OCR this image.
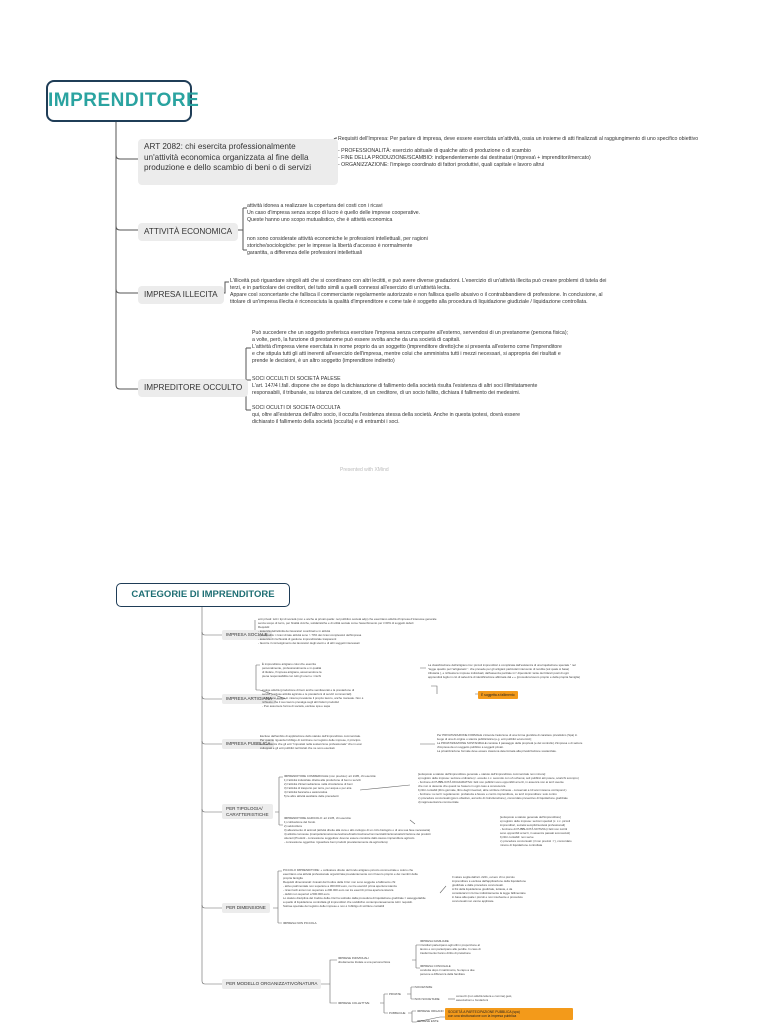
IMPRENDITORE
ART 2082: chi esercita professionalmente un'attività economica organizzata al fine della produzione e dello scambio di beni o di servizi

Requisiti dell'Impresa: Per parlare di impresa, deve essere esercitata un'attività, ossia un insieme di atti finalizzati al raggiungimento di uno specifico obiettivo

- PROFESSIONALITÀ: esercizio abituale di qualche atto di produzione o di scambio

- FINE DELLA PRODUZIONE/SCAMBIO: indipendentemente dai destinatari (impresa\ + imprenditori/mercato)

- ORGANIZZAZIONE: l'impiego coordinato di fattori produttivi, quali capitale e lavoro altrui

ATTIVITÀ ECONOMICA

attività idonea a realizzare la copertura dei costi con i ricavi

Un caso d'impresa senza scopo di lucro è quello delle imprese cooperative.

Queste hanno uno scopo mutualistico, che è attività economica

non sono considerate attività economiche le professioni intellettuali, per ragioni

storiche/sociologiche: per le imprese la libertà d'accesso è normalmente

garantita, a differenza delle professioni intellettuali

IMPRESA ILLECITA

L'illiceità può riguardare singoli atti che si coordinano con altri lecititi, e può avere diverse gradazioni. L'esercizio di un'attività illecita può creare problemi di tutela dei

terzi, e in particolare dei creditori, del tutto simili a quelli connessi all'esercizio di un'attività lecita.

Appare così sconcertante che fallisca il commerciante regolarmente autorizzato e non fallisca quello abusivo o il contrabbandiere di professione. In conclusione, al

titolare di un'impresa illecita è riconosciuta la qualità d'imprenditore e come tale è soggetto alla procedura di liquidazione giudiziale / liquidazione controllata.

IMPREDITORE OCCULTO

Può succedere che un soggetto preferisca esercitare l'impresa senza comparire all'esterno, servendosi di un prestanome (persona fisica);

a volte, però, la funzione di prestanome può essere svolta anche da una società di capitali.

L'attività d'impresa viene esercitata in nome proprio da un soggetto (imprenditore diretto)che si presenta all'esterno come l'imprenditore

e che stipula tutti gli atti inerenti all'esercizio dell'impresa, mentre colui che amministra tutti i mezzi necessari, si appropria dei risultati e

prende le decisioni, è un altro soggetto (imprenditore indiretto)

SOCI OCCULTI DI SOCIETÀ PALESE

L'art. 147/4 l.fall. dispone che se dopo la dichiarazione di fallimento della società risulta l'esistenza di altri soci illimitatamente

responsabili, il tribunale, su istanza del curatore, di un creditore, di un socio fallito, dichiara il fallimento dei medesimi.

SOCI OCULTI DI SOCIETA OCCULTA

qui, oltre all'esistenza dell'altro socio, il occulta l'esistenza stessa della società. Anche in questa ipotesi, dovrà essere

dichiarato il fallimento della società (occulta) e di entrambi i soci.

Presented with XMind
CATEGORIE DI IMPRENDITORE
IMPRESA SOCIALE

enti privati: tutti i tipi di società (non e anche ai privati quelle: nel pubblico società adp) che esercitano attività d'impresa d'interesse generale

senza scopo di lucro, per finalità civiche, solidaristiche e di utilità sociale come l'assorbimento per il 30% di soggetti deboli

Requisiti:

- assenza dell'attività dei lavoratori coordinati e in attività

- principalità: i ricavi di tale attività sono > 70% dei ricavi complessivi dell'impresa

- assenza di rischiosità di gestione imprenditoriale trasparenti

- favorire il coinvolgimento dei lavoratori degli utenti e di altri soggetti interessati

IMPRESA ARTIGIANA

È imprenditore artigiano colui che esercita

personalmente, professionalmente e in qualità

di titolare, l'impresa artigiana, assumendone la

piena responsabilità con tutti gli oneri e i rischi

svolge attività (produzione di beni anche semilavorati e la prestazione di

servizi (escluse attività agricole e le prestazioni di servizi commerciali)

- l'artigiano svolge in misura prevalente il proprio lavoro, anche manuale. Non è

richiesto che il suo lavoro prevalga sugli altri fattori produttivi

- Può assumere forma di società, escluse spa e sapa

La classificazione dell'artigiano tra i piccoli imprenditori è complicata dall'esistenza di una liquidazione speciale " nel

"legge quadro per l'artigianato" : che prevede per gli artigiani particolari intervento di rendita (sul quale si basa)

tributaria ), e richiesta le imprese individuali, dall'assenza parziale in l' dipendenti: tante dei bilanci posti di ogni

apprendisti luglio in ciò di salvezza di identificazione abbinata dal « » (procedura lavoro proprio e della propria famiglia)

È soggetta a fallimento
IMPRESA PUBBLICA

Escluso dall'ambito di applicazione dello statuto dell'imprenditore commerciale.

Per quanto riguarda l'obbligo di iscrizione nel registro delle imprese, il principio

è in sostanza che gli enti "impostati nella sostenzione professionale" che in essi

sviluppati e gli enti pubblici territoriali che ne sono esentati.

Per PRIVATIZZAZIONE FORMALE s'intende l'adozione di una forma giuridica di carattere privatistico (Spa) in

luogo di una di origine o stanza pubblicistica (e.g. enti pubblici economici);

La PRIVATIZZAZIONE SOSTANZIALE consiste il passaggio della proprietà (e del controllo) d'impresa o di settore

d'impresa da un soggetto pubblico a soggetti privati.

La privatizzazione formale deve essere ciascuna determinata alla privatizzazione sostanziale.

PER TIPOLOGIA/
CARATTERISTICHE

IMPRENDITORE COMMERCIALE (non previsto): art 2195, chi esercita:

1) l'attività industriale diretta alla produzione di beni o servizi

2) l'attività d'intermediazione nella circolazione di beni

3) l'attività di trasporto per terra, per acqua o per aria

4) l'attività bancaria e assicurativa

5) le altre attività ausiliarie delle precedenti

[sottoposto a statuto dell'imprenditore generale + statuto dell'imprenditore commerciale non minore]:

a) registro delle imprese: sezione ordinaria (c. ecoetto c.c. secondo con uh schema; soli pubblici atti potere, scarichi scompro)

- funzione di PUBBLICITÀ DICHIARATIVA: fatti non pubblici sono opponibili ai terzi, in assenza non ai terzi avente

che non si desunte che questi ne fossero in ogni caso a conoscenza

b) libri contabili (libro giornale, libro degli inventari, altre scritture richieste - conservati a 10 anni insieme corrispond.)

- funzione: su terzi: regolamento: probatoria a favore e contro imprenditore, su terzi imprenditore: solo contro

c) procedure concorsuali (gioco obiettivo, accordo di ristrutturazione), concordato preventivo di liquidazione giudiziale

d) rappresentanza commerciale

IMPRENDITORE AGRICOLO: art 2135, chi esercita:

1) coltivazione del fondo

2) selvicoltura

3) allevamento di animali (attività dirette alla cura o allo sviluppo di un ciclo biologico o di una sua fase necessaria)

4) attività connesse (manipolazione/conservazione/trasformazione/commercializzazione/valorizzazione dei prodotti

ottenuti (Prodotti - connessione soggettiva: devono essere condotte dallo stesso imprenditore agricolo

- connessione oggettiva: riguardare beni prodotti prevalentemente da agricoltura)

[sottoposto a statuto generale dell'imprenditore]

a) registro delle imprese: sezioni speciali (c. c.c. piccoli

imprenditori, società semplici/società professionali)

- funzione di PUBBLICITÀ NOTIZIA (i fatti non iscritti

sono opponibili ai terzi, in assenza passati sconosciuti)

b) libri contabili: non serve

c) procedure concorsuali: (il non previsti : l'), concordato

minore di liquidazione controllata

PER DIMENSIONE

PICCOLO IMPRENDITORE: + coltivatore diretto del fondo artigiano piccolo commerciale e coloro che

esercitano una attività professionale organizzata prevalentemente con il lavoro proprio e dei membri della

propria famiglia

Requisiti dimensionali: ricavati dal Codice della Crisi: non sono soggette a fallimento chi:

- attivo patrimoniale non superiore a 300.000 euro, nei tre esercizi prima apertura istanza

- ricavi lordi annui non superiore a 200.000 euro nei tre esercizi prima apertura istanza

- debiti non superiori a 500.000 euro

Lo statuto disciplina del Codice della crisi ha sottratto dalla procedura di liquidazione giudiziale = assoggettabile

a quello di liquidazione controllata gli imprenditori che soddisfino contemporaneamente tutti i requisiti.

Sottrae speciale del registro delle imprese e non è l'obbligo di scritture contabili

IMPRESA NON PICCOLA

Il valore soglia dall'art. 2221, ovvero chi è piccolo

imprenditore è esclusa dall'applicazione della liquidazione

giudiziale e dalle procedure concorsuali.

A fini della liquidazione giudiziale, tuttavia, è da

considerarsi in ferme indistintamente la legge fallimentare

in base alla quale i piccoli e non insolvente è procedure

concorsuali non vanno applicate.

PER MODELLO ORGANIZZATIVO/NATURA
IMPRESE INDIVIDUALI
direttamente titolate a una persona fisica

IMPRESA FAMILIARE

i familiari partecipano agli utili in proporzione al

lavoro e con partecipano alle perdite. In caso di

trasferimento hanno diritto di prelazione

IMPRESA CONIUGALE

condotta dopo il matrimonio, fa capo a due

persone a differenza della familiare

IMPRESE COLLETTIVE
PRIVATE
SOCIETARIE
NON SOCIETARIE

consorzi (non attività lettera e comma) gest,

associazioni e fondazioni

PUBBLICHE	IMPRESE ORGANO
IMPRESE ENTE
SOCIETÀ A PARTECIPAZIONE PUBBLICA (spa)
con una strutturazione con la impresa pubblica
